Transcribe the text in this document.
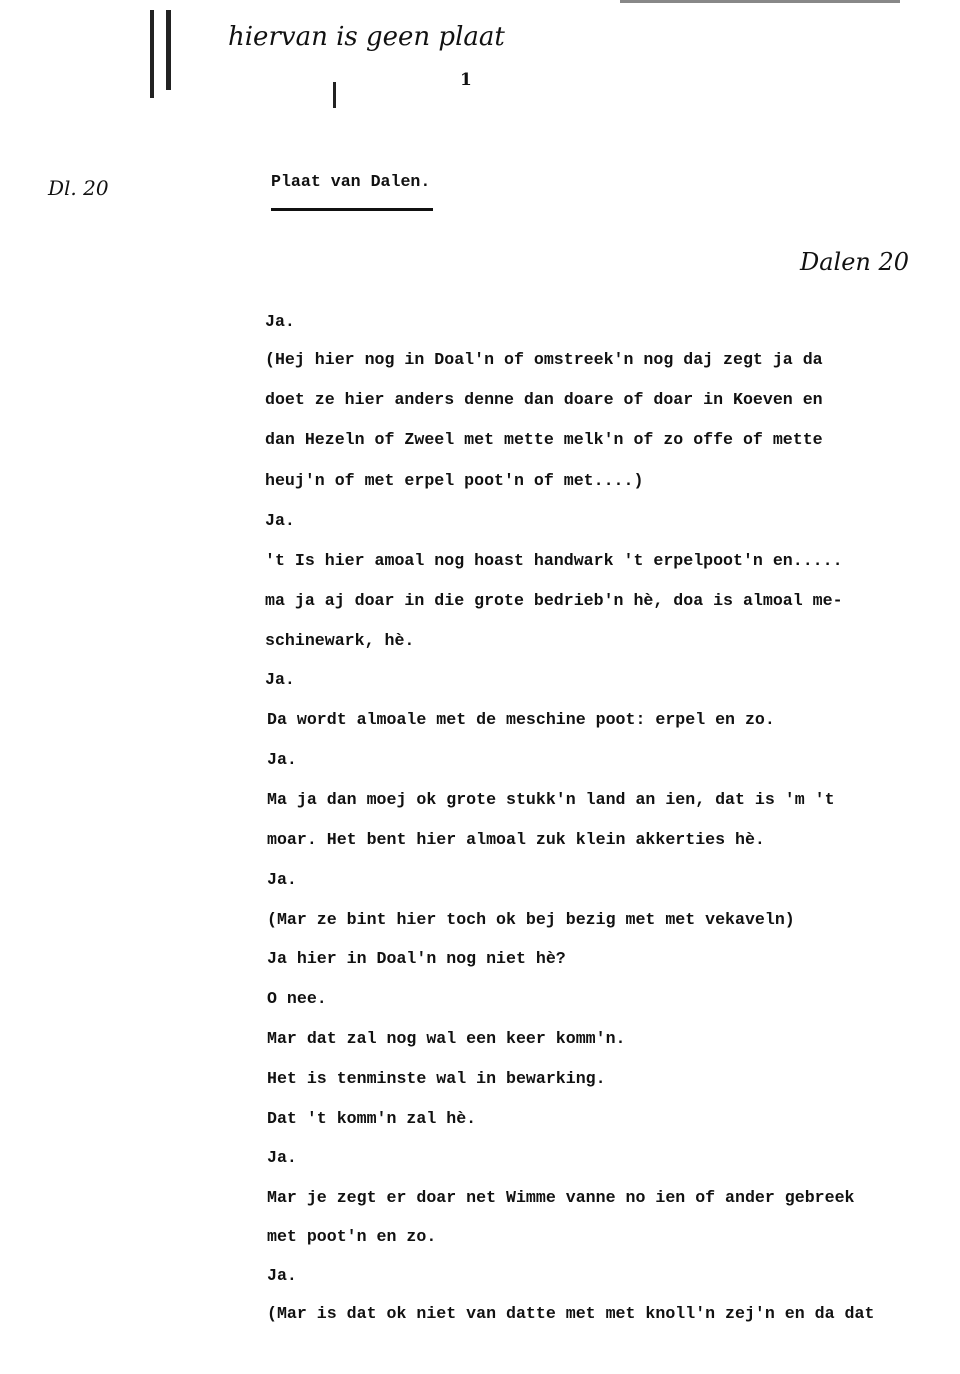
hiervan is geen plaat
1
Dl. 20
Dalen 20
Plaat van Dalen.
Ja.
(Hej hier nog in Doal'n of omstreek'n nog daj zegt ja da
doet ze hier anders denne dan doare of doar in Koeven en
dan Hezeln of Zweel met mette melk'n of zo offe of mette
heuj'n of met erpel poot'n of met....)
Ja.
't Is hier amoal nog hoast handwark 't erpelpoot'n en.....
ma ja aj doar in die grote bedrieb'n hè, doa is almoal me-
schinewark, hè.
Ja.
Da wordt almoale met de meschine poot: erpel en zo.
Ja.
Ma ja dan moej ok grote stukk'n land an ien, dat is 'm 't
moar. Het bent hier almoal zuk klein akkerties hè.
Ja.
(Mar ze bint hier toch ok bej bezig met met vekaveln)
Ja hier in Doal'n nog niet hè?
O nee.
Mar dat zal nog wal een keer komm'n.
Het is tenminste wal in bewarking.
Dat 't komm'n zal hè.
Ja.
Mar je zegt er doar net Wimme vanne no ien of ander gebreek
met poot'n en zo.
Ja.
(Mar is dat ok niet van datte met met knoll'n zej'n en da dat
